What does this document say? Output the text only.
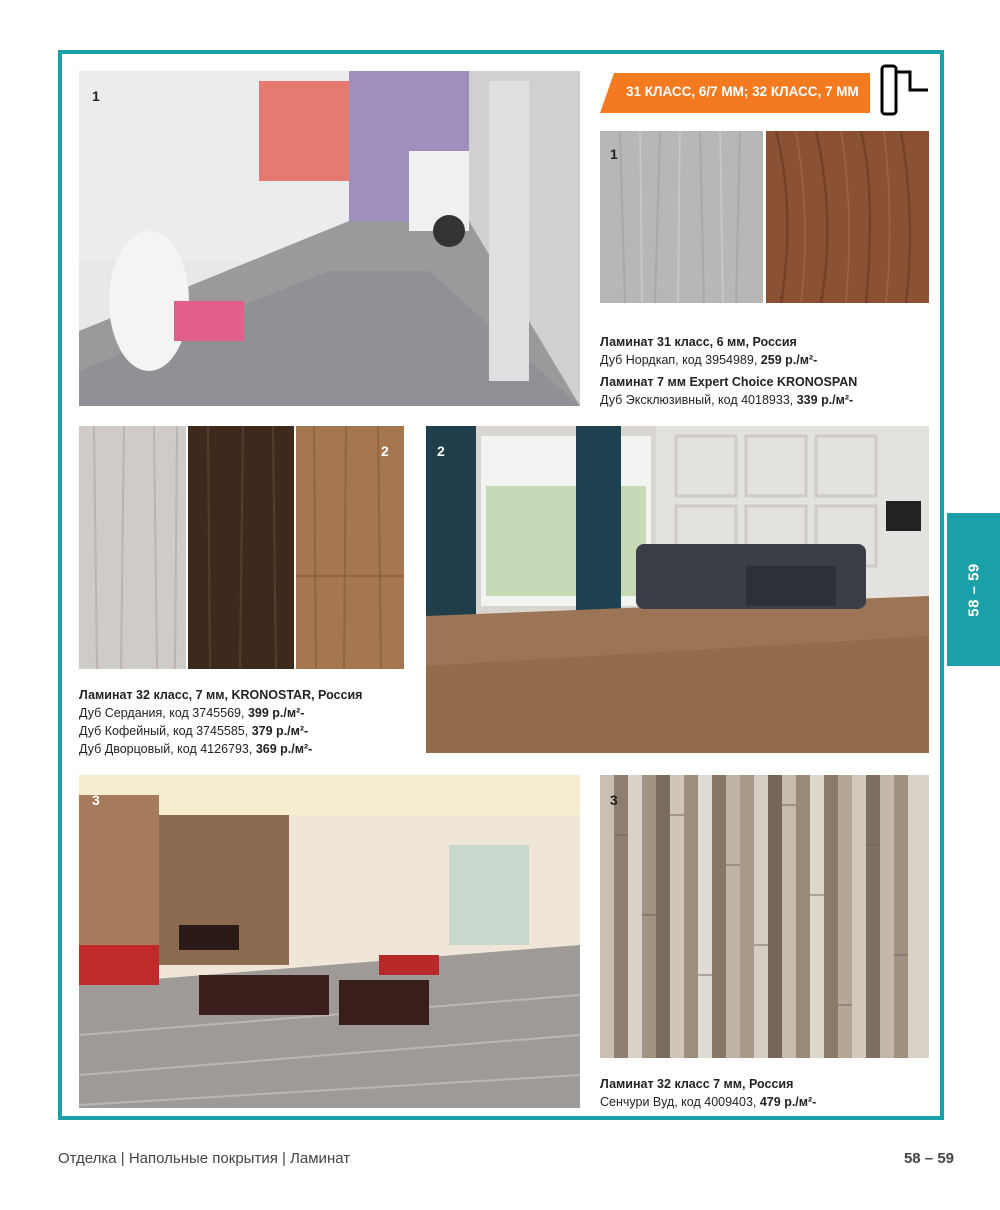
1	31 КЛАСС, 6/7 ММ; 32 КЛАСС, 7 ММ
1
Ламинат 31 класс, 6 мм, Россия
Дуб Нордкап, код 3954989, 259 р./м²-
Ламинат 7 мм Expert Choice KRONOSPAN
Дуб Эксклюзивный, код 4018933, 339 р./м²-
2
Ламинат 32 класс, 7 мм, KRONOSTAR, Россия
Дуб Сердания, код 3745569, 399 р./м²-
Дуб Кофейный, код 3745585, 379 р./м²-
Дуб Дворцовый, код 4126793, 369 р./м²-
2
3	3
Ламинат 32 класс 7 мм, Россия
Сенчури Вуд, код 4009403, 479 р./м²-
58 – 59
Отделка | Напольные покрытия | Ламинат	58 – 59
